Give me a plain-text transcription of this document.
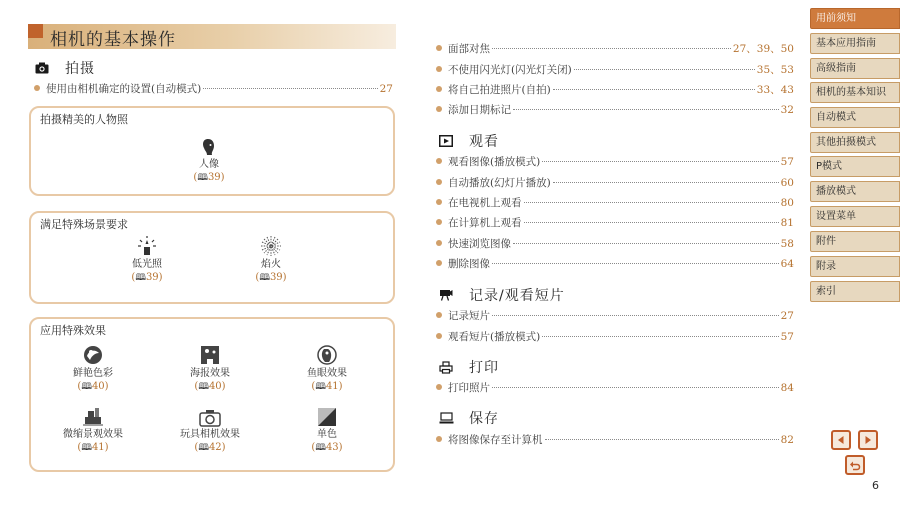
相机的基本操作
拍摄
使用由相机确定的设置(自动模式)	27
拍摄精美的人物照
人像
(🕮39)
满足特殊场景要求
低光照
(🕮39)
焰火
(🕮39)
应用特殊效果
鲜艳色彩
(🕮40)
海报效果
(🕮40)
鱼眼效果
(🕮41)
微缩景观效果
(🕮41)
玩具相机效果
(🕮42)
单色
(🕮43)
面部对焦	27、39、50
不使用闪光灯(闪光灯关闭)	35、53
将自己拍进照片(自拍)	33、43
添加日期标记	32
观看
观看图像(播放模式)	57
自动播放(幻灯片播放)	60
在电视机上观看	80
在计算机上观看	81
快速浏览图像	58
删除图像	64
记录/观看短片
记录短片	27
观看短片(播放模式)	57
打印
打印照片	84
保存
将图像保存至计算机	82
用前须知
基本应用指南
高级指南
相机的基本知识
自动模式
其他拍摄模式
P模式
播放模式
设置菜单
附件
附录
索引
6
